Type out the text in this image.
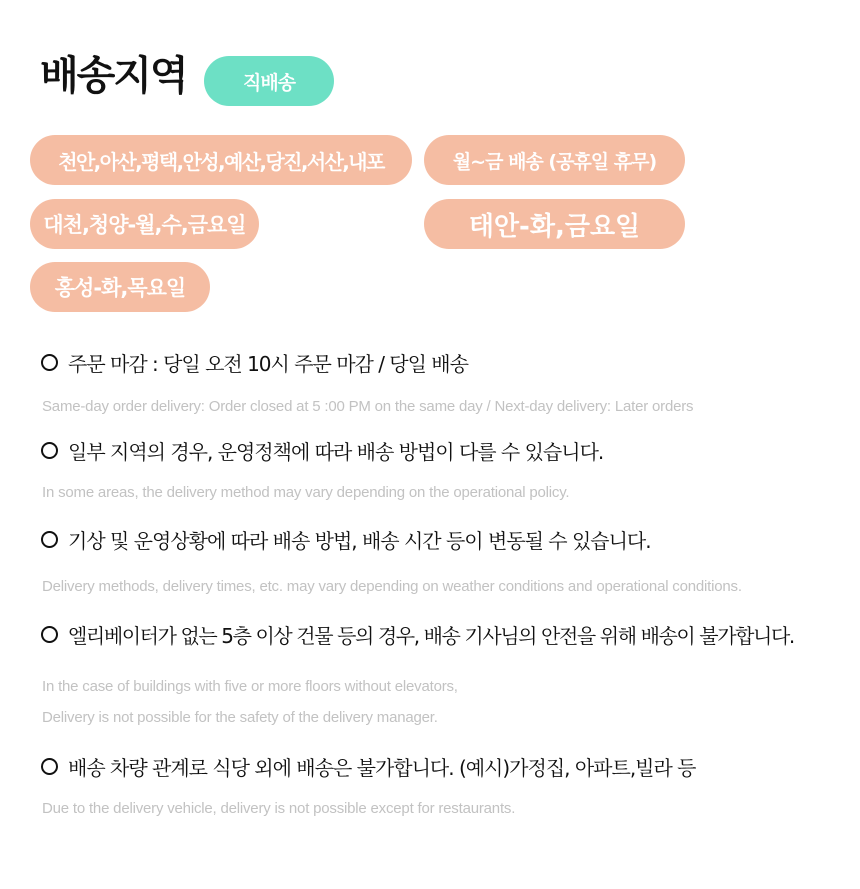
배송지역	직배송
천안,아산,평택,안성,예산,당진,서산,내포	월~금 배송 (공휴일 휴무)
대천,청양-월,수,금요일	태안-화,금요일
홍성-화,목요일
주문 마감 : 당일 오전 10시 주문 마감 / 당일 배송
Same-day order delivery: Order closed at 5 :00 PM on the same day / Next-day delivery: Later orders
일부 지역의 경우, 운영정책에 따라 배송 방법이 다를 수 있습니다.
In some areas, the delivery method may vary depending on the operational policy.
기상 및 운영상황에 따라 배송 방법, 배송 시간 등이 변동될 수 있습니다.
Delivery methods, delivery times, etc. may vary depending on weather conditions and operational conditions.
엘리베이터가 없는 5층 이상 건물 등의 경우, 배송 기사님의 안전을 위해 배송이 불가합니다.
In the case of buildings with five or more floors without elevators,
Delivery is not possible for the safety of the delivery manager.
배송 차량 관계로 식당 외에 배송은 불가합니다. (예시)가정집, 아파트,빌라 등
Due to the delivery vehicle, delivery is not possible except for restaurants.
